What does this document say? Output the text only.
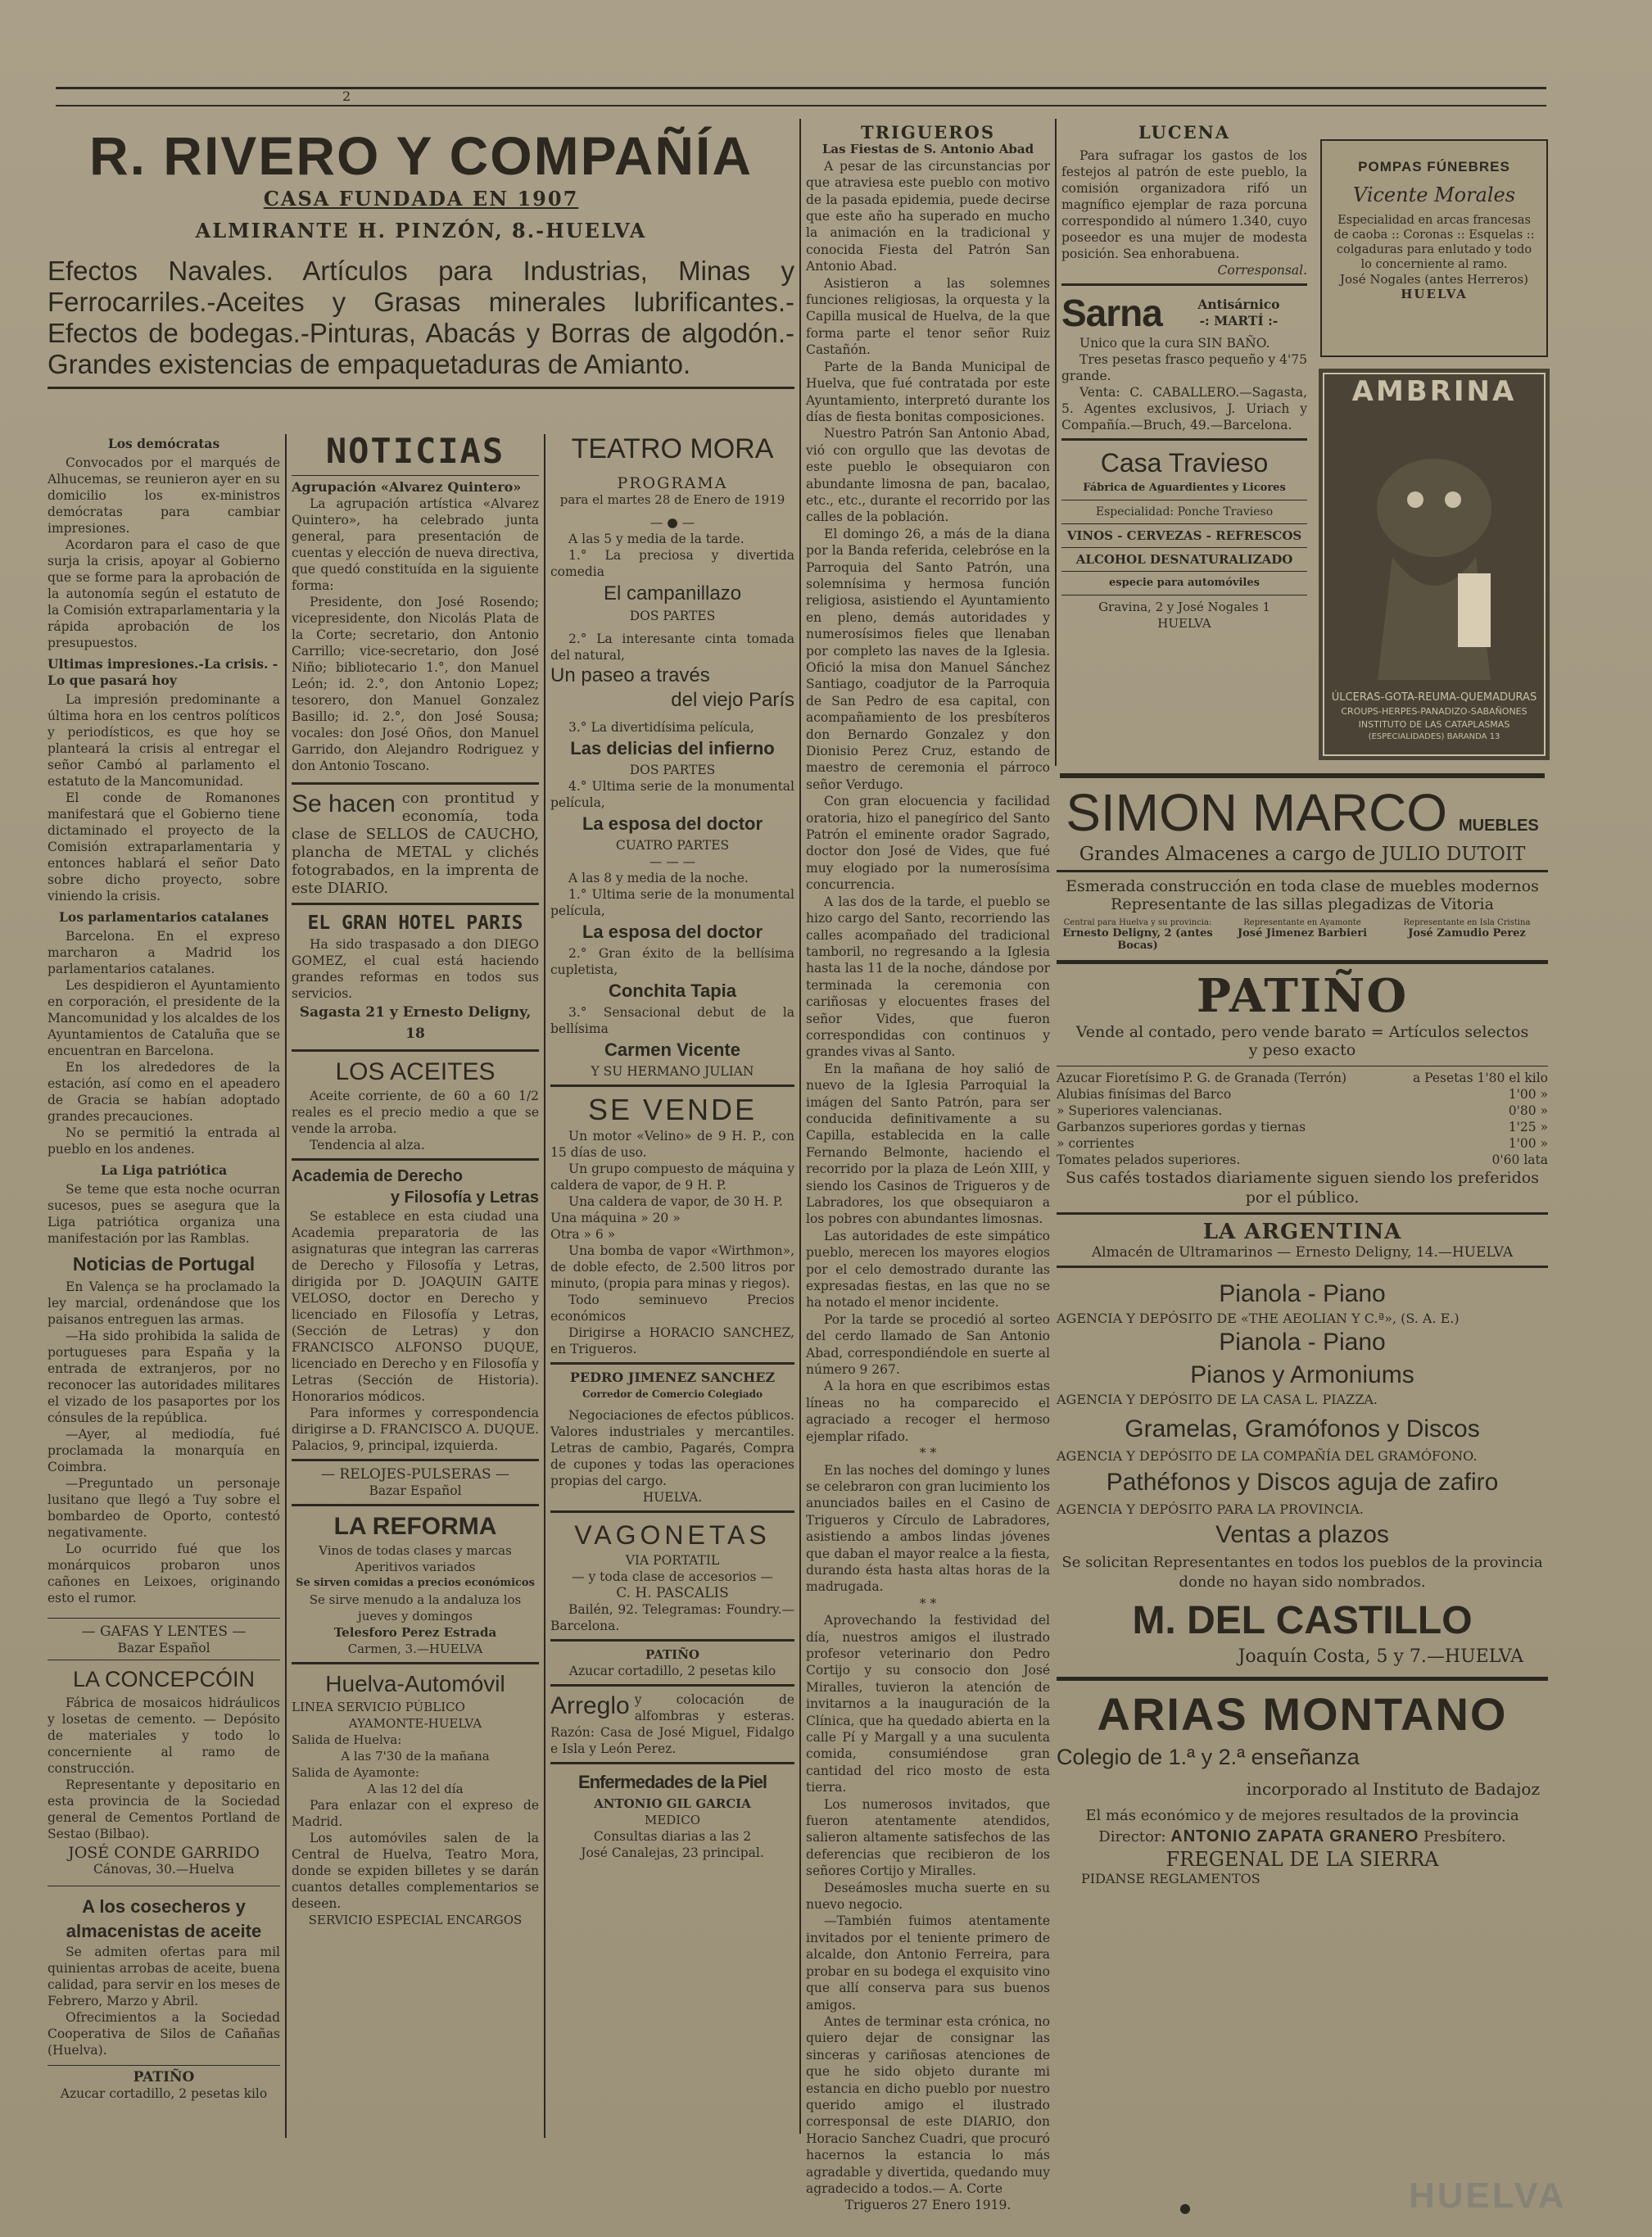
2
R. RIVERO Y COMPAÑÍA
CASA FUNDADA EN 1907
ALMIRANTE H. PINZÓN, 8.-HUELVA
Efectos Navales. Artículos para Industrias, Minas y Ferrocarriles.-Aceites y Grasas minerales lubrificantes.-Efectos de bodegas.-Pinturas, Abacás y Borras de algodón.-Grandes existencias de empaquetaduras de Amianto.
Los demócratas

Convocados por el marqués de Alhucemas, se reunieron ayer en su domicilio los ex-ministros demócratas para cambiar impresiones.

Acordaron para el caso de que surja la crisis, apoyar al Gobierno que se forme para la aprobación de la autonomía según el estatuto de la Comisión extraparlamentaria y la rápida aprobación de los presupuestos.

Ultimas impresiones.-La crisis. -Lo que pasará hoy

La impresión predominante a última hora en los centros políticos y periodísticos, es que hoy se planteará la crisis al entregar el señor Cambó al parlamento el estatuto de la Mancomunidad.

El conde de Romanones manifestará que el Gobierno tiene dictaminado el proyecto de la Comisión extraparlamentaria y entonces hablará el señor Dato sobre dicho proyecto, sobre viniendo la crisis.

Los parlamentarios catalanes

Barcelona. En el expreso marcharon a Madrid los parlamentarios catalanes.

Les despidieron el Ayuntamiento en corporación, el presidente de la Mancomunidad y los alcaldes de los Ayuntamientos de Cataluña que se encuentran en Barcelona.

En los alrededores de la estación, así como en el apeadero de Gracia se habían adoptado grandes precauciones.

No se permitió la entrada al pueblo en los andenes.

La Liga patriótica

Se teme que esta noche ocurran sucesos, pues se asegura que la Liga patriótica organiza una manifestación por las Ramblas.

Noticias de Portugal

En Valença se ha proclamado la ley marcial, ordenándose que los paisanos entreguen las armas.

—Ha sido prohibida la salida de portugueses para España y la entrada de extranjeros, por no reconocer las autoridades militares el vizado de los pasaportes por los cónsules de la república.

—Ayer, al mediodía, fué proclamada la monarquía en Coimbra.

—Preguntado un personaje lusitano que llegó a Tuy sobre el bombardeo de Oporto, contestó negativamente.

Lo ocurrido fué que los monárquicos probaron unos cañones en Leixoes, originando esto el rumor.

— GAFAS Y LENTES —
Bazar Español
LA CONCEPCÓIN

Fábrica de mosaicos hidráulicos y losetas de cemento. — Depósito de materiales y todo lo concerniente al ramo de construcción.

Representante y depositario en esta provincia de la Sociedad general de Cementos Portland de Sestao (Bilbao).

JOSÉ CONDE GARRIDO
Cánovas, 30.—Huelva
A los cosecheros y almacenistas de aceite

Se admiten ofertas para mil quinientas arrobas de aceite, buena calidad, para servir en los meses de Febrero, Marzo y Abril.

Ofrecimientos a la Sociedad Cooperativa de Silos de Cañañas (Huelva).

PATIÑO
Azucar cortadillo, 2 pesetas kilo
NOTICIAS
Agrupación «Alvarez Quintero»

La agrupación artística «Alvarez Quintero», ha celebrado junta general, para presentación de cuentas y elección de nueva directiva, que quedó constituída en la siguiente forma:

Presidente, don José Rosendo; vicepresidente, don Nicolás Plata de la Corte; secretario, don Antonio Carrillo; vice-secretario, don José Niño; bibliotecario 1.°, don Manuel León; id. 2.°, don Antonio Lopez; tesorero, don Manuel Gonzalez Basillo; id. 2.°, don José Sousa; vocales: don José Oños, don Manuel Garrido, don Alejandro Rodriguez y don Antonio Toscano.

Se hacen con prontitud y economía, toda clase de SELLOS de CAUCHO, plancha de METAL y clichés fotograbados, en la imprenta de este DIARIO.
EL GRAN HOTEL PARIS

Ha sido traspasado a don DIEGO GOMEZ, el cual está haciendo grandes reformas en todos sus servicios.

Sagasta 21 y Ernesto Deligny, 18
LOS ACEITES

Aceite corriente, de 60 a 60 1/2 reales es el precio medio a que se vende la arroba.

Tendencia al alza.

Academia de Derecho
y Filosofía y Letras

Se establece en esta ciudad una Academia preparatoria de las asignaturas que integran las carreras de Derecho y Filosofía y Letras, dirigida por D. JOAQUIN GAITE VELOSO, doctor en Derecho y licenciado en Filosofía y Letras, (Sección de Letras) y don FRANCISCO ALFONSO DUQUE, licenciado en Derecho y en Filosofía y Letras (Sección de Historia). Honorarios módicos.

Para informes y correspondencia dirigirse a D. FRANCISCO A. DUQUE. Palacios, 9, principal, izquierda.

— RELOJES-PULSERAS —
Bazar Español
LA REFORMA
Vinos de todas clases y marcas Aperitivos variados
Se sirven comidas a precios económicos
Se sirve menudo a la andaluza los jueves y domingos
Telesforo Perez Estrada
Carmen, 3.—HUELVA
Huelva-Automóvil
LINEA SERVICIO PÚBLICO
AYAMONTE-HUELVA
Salida de Huelva:
A las 7'30 de la mañana
Salida de Ayamonte:
A las 12 del día

Para enlazar con el expreso de Madrid.

Los automóviles salen de la Central de Huelva, Teatro Mora, donde se expiden billetes y se darán cuantos detalles complementarios se deseen.

SERVICIO ESPECIAL ENCARGOS
TEATRO MORA
PROGRAMA
para el martes 28 de Enero de 1919
— ● —

A las 5 y media de la tarde.

1.° La preciosa y divertida comedia

El campanillazo
DOS PARTES

2.° La interesante cinta tomada del natural,

Un paseo a través
del viejo París

3.° La divertidísima película,

Las delicias del infierno
DOS PARTES

4.° Ultima serie de la monumental película,

La esposa del doctor
CUATRO PARTES
— — —

A las 8 y media de la noche.

1.° Ultima serie de la monumental película,

La esposa del doctor

2.° Gran éxito de la bellísima cupletista,

Conchita Tapia

3.° Sensacional debut de la bellísima

Carmen Vicente
Y SU HERMANO JULIAN
SE VENDE

Un motor «Velino» de 9 H. P., con 15 días de uso.

Un grupo compuesto de máquina y caldera de vapor, de 9 H. P.

Una caldera de vapor, de 30 H. P.

Una máquina » 20 »
Otra » 6 »

Una bomba de vapor «Wirthmon», de doble efecto, de 2.500 litros por minuto, (propia para minas y riegos).

Todo seminuevo Precios económicos

Dirigirse a HORACIO SANCHEZ, en Trigueros.

PEDRO JIMENEZ SANCHEZ
Corredor de Comercio Colegiado

Negociaciones de efectos públicos. Valores industriales y mercantiles. Letras de cambio, Pagarés, Compra de cupones y todas las operaciones propias del cargo.

HUELVA.
VAGONETAS
VIA PORTATIL
— y toda clase de accesorios —
C. H. PASCALIS

Bailén, 92. Telegramas: Foundry.—Barcelona.

PATIÑO
Azucar cortadillo, 2 pesetas kilo
Arreglo y colocación de alfombras y esteras. Razón: Casa de José Miguel, Fidalgo e Isla y León Perez.
Enfermedades de la Piel
ANTONIO GIL GARCIA
MEDICO
Consultas diarias a las 2
José Canalejas, 23 principal.
TRIGUEROS
Las Fiestas de S. Antonio Abad

A pesar de las circunstancias por que atraviesa este pueblo con motivo de la pasada epidemia, puede decirse que este año ha superado en mucho la animación en la tradicional y conocida Fiesta del Patrón San Antonio Abad.

Asistieron a las solemnes funciones religiosas, la orquesta y la Capilla musical de Huelva, de la que forma parte el tenor señor Ruiz Castañón.

Parte de la Banda Municipal de Huelva, que fué contratada por este Ayuntamiento, interpretó durante los días de fiesta bonitas composiciones.

Nuestro Patrón San Antonio Abad, vió con orgullo que las devotas de este pueblo le obsequiaron con abundante limosna de pan, bacalao, etc., etc., durante el recorrido por las calles de la población.

El domingo 26, a más de la diana por la Banda referida, celebróse en la Parroquia del Santo Patrón, una solemnísima y hermosa función religiosa, asistiendo el Ayuntamiento en pleno, demás autoridades y numerosísimos fieles que llenaban por completo las naves de la Iglesia. Ofició la misa don Manuel Sánchez Santiago, coadjutor de la Parroquia de San Pedro de esa capital, con acompañamiento de los presbíteros don Bernardo Gonzalez y don Dionisio Perez Cruz, estando de maestro de ceremonia el párroco señor Verdugo.

Con gran elocuencia y facilidad oratoria, hizo el panegírico del Santo Patrón el eminente orador Sagrado, doctor don José de Vides, que fué muy elogiado por la numerosísima concurrencia.

A las dos de la tarde, el pueblo se hizo cargo del Santo, recorriendo las calles acompañado del tradicional tamboril, no regresando a la Iglesia hasta las 11 de la noche, dándose por terminada la ceremonia con cariñosas y elocuentes frases del señor Vides, que fueron correspondidas con continuos y grandes vivas al Santo.

En la mañana de hoy salió de nuevo de la Iglesia Parroquial la imágen del Santo Patrón, para ser conducida definitivamente a su Capilla, establecida en la calle Fernando Belmonte, haciendo el recorrido por la plaza de León XIII, y siendo los Casinos de Trigueros y de Labradores, los que obsequiaron a los pobres con abundantes limosnas.

Las autoridades de este simpático pueblo, merecen los mayores elogios por el celo demostrado durante las expresadas fiestas, en las que no se ha notado el menor incidente.

Por la tarde se procedió al sorteo del cerdo llamado de San Antonio Abad, correspondiéndole en suerte al número 9 267.

A la hora en que escribimos estas líneas no ha comparecido el agraciado a recoger el hermoso ejemplar rifado.

* *

En las noches del domingo y lunes se celebraron con gran lucimiento los anunciados bailes en el Casino de Trigueros y Círculo de Labradores, asistiendo a ambos lindas jóvenes que daban el mayor realce a la fiesta, durando ésta hasta altas horas de la madrugada.

* *

Aprovechando la festividad del día, nuestros amigos el ilustrado profesor veterinario don Pedro Cortijo y su consocio don José Miralles, tuvieron la atención de invitarnos a la inauguración de la Clínica, que ha quedado abierta en la calle Pí y Margall y a una suculenta comida, consumiéndose gran cantidad del rico mosto de esta tierra.

Los numerosos invitados, que fueron atentamente atendidos, salieron altamente satisfechos de las deferencias que recibieron de los señores Cortijo y Miralles.

Deseámosles mucha suerte en su nuevo negocio.

—También fuimos atentamente invitados por el teniente primero de alcalde, don Antonio Ferreira, para probar en su bodega el exquisito vino que allí conserva para sus buenos amigos.

Antes de terminar esta crónica, no quiero dejar de consignar las sinceras y cariñosas atenciones de que he sido objeto durante mi estancia en dicho pueblo por nuestro querido amigo el ilustrado corresponsal de este DIARIO, don Horacio Sanchez Cuadri, que procuró hacernos la estancia lo más agradable y divertida, quedando muy agradecido a todos.— A. Corte

Trigueros 27 Enero 1919.
LUCENA

Para sufragar los gastos de los festejos al patrón de este pueblo, la comisión organizadora rifó un magnífico ejemplar de raza porcuna correspondido al número 1.340, cuyo poseedor es una mujer de modesta posición. Sea enhorabuena.

Corresponsal.
Sarna	Antisárnico
-: MARTÍ :-

Unico que la cura SIN BAÑO.

Tres pesetas frasco pequeño y 4'75 grande.

Venta: C. CABALLERO.—Sagasta, 5. Agentes exclusivos, J. Uriach y Compañía.—Bruch, 49.—Barcelona.

Casa Travieso
Fábrica de Aguardientes y Licores
Especialidad: Ponche Travieso
VINOS - CERVEZAS - REFRESCOS
ALCOHOL DESNATURALIZADO
especie para automóviles
Gravina, 2 y José Nogales 1
HUELVA
POMPAS FÚNEBRES
Vicente Morales
Especialidad en arcas francesas de caoba :: Coronas :: Esquelas :: colgaduras para enlutado y todo lo concerniente al ramo.
José Nogales (antes Herreros)
HUELVA
AMBRINA
ÚLCERAS-GOTA-REUMA-QUEMADURAS
CROUPS-HERPES-PANADIZO-SABAÑONES
INSTITUTO DE LAS CATAPLASMAS
(ESPECIALIDADES) BARANDA 13
SIMON MARCO MUEBLES
Grandes Almacenes a cargo de JULIO DUTOIT
Esmerada construcción en toda clase de muebles modernos
Representante de las sillas plegadizas de Vitoria
Central para Huelva y su provincia:
Ernesto Deligny, 2 (antes Bocas)
Representante en Ayamonte
José Jimenez Barbieri
Representante en Isla Cristina
José Zamudio Perez
PATIÑO
Vende al contado, pero vende barato = Artículos selectos
y peso exacto
Azucar Fioretísimo P. G. de Granada (Terrón)	a Pesetas 1'80 el kilo
Alubias finísimas del Barco	1'00 »
» Superiores valencianas.	0'80 »
Garbanzos superiores gordas y tiernas	1'25 »
» corrientes	1'00 »
Tomates pelados superiores.	0'60 lata
Sus cafés tostados diariamente siguen siendo los preferidos por el público.
LA ARGENTINA
Almacén de Ultramarinos — Ernesto Deligny, 14.—HUELVA
Pianola - Piano
AGENCIA Y DEPÓSITO DE «THE AEOLIAN Y C.ª», (S. A. E.)
Pianola - Piano
Pianos y Armoniums
AGENCIA Y DEPÓSITO DE LA CASA L. PIAZZA.
Gramelas, Gramófonos y Discos
AGENCIA Y DEPÓSITO DE LA COMPAÑÍA DEL GRAMÓFONO.
Pathéfonos y Discos aguja de zafiro
AGENCIA Y DEPÓSITO PARA LA PROVINCIA.
Ventas a plazos
Se solicitan Representantes en todos los pueblos de la provincia donde no hayan sido nombrados.
M. DEL CASTILLO
Joaquín Costa, 5 y 7.—HUELVA
ARIAS MONTANO
Colegio de 1.ª y 2.ª enseñanza
incorporado al Instituto de Badajoz
El más económico y de mejores resultados de la provincia
Director: ANTONIO ZAPATA GRANERO Presbítero.
FREGENAL DE LA SIERRA
PIDANSE REGLAMENTOS
HUELVA
●
